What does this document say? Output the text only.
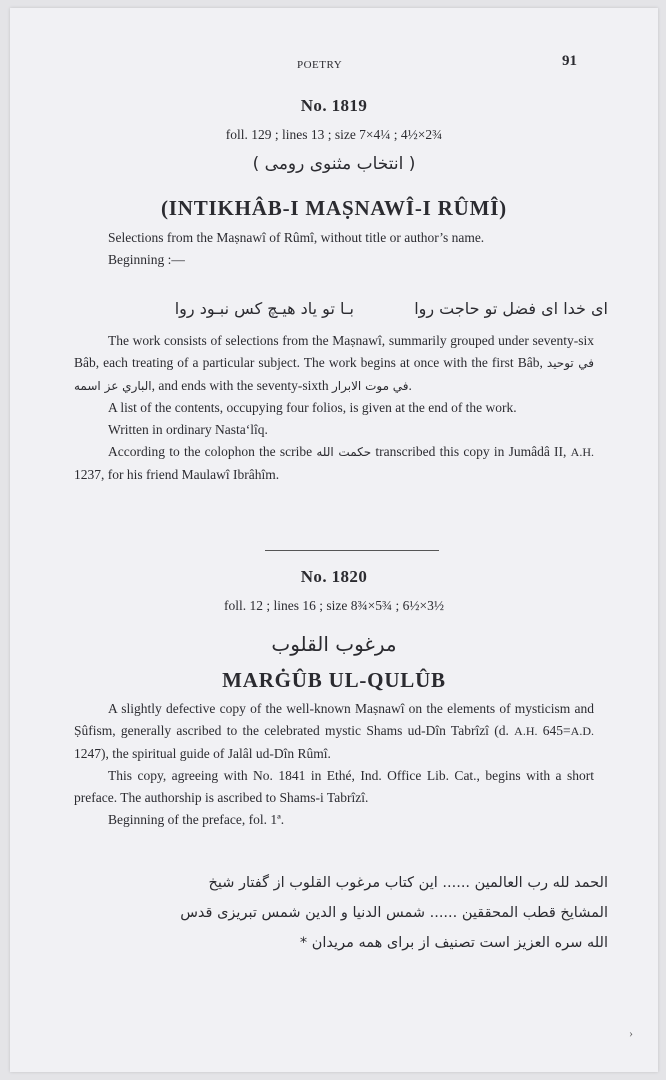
POETRY	91
No. 1819
foll. 129 ; lines 13 ; size 7×4¼ ; 4½×2¾
( انتخاب مثنوی رومی )
(INTIKHÂB-I MAṢNAWÎ-I RÛMÎ)

Selections from the Maṣnawî of Rûmî, without title or author’s name.

Beginning :—

ای خدا ای فضل تو حاجت روا
بـا تو یاد هیـچ کس نبـود روا

The work consists of selections from the Maṣnawî, summarily grouped under seventy-six Bâb, each treating of a particular subject. The work begins at once with the first Bâb, في توحيد الباري عز اسمه, and ends with the seventy-sixth في موت الابرار.

A list of the contents, occupying four folios, is given at the end of the work.

Written in ordinary Nasta‘lîq.

According to the colophon the scribe حكمت الله transcribed this copy in Jumâdâ II, A.H. 1237, for his friend Maulawî Ibrâhîm.

No. 1820
foll. 12 ; lines 16 ; size 8¾×5¾ ; 6½×3½
مرغوب القلوب
MARĠÛB UL-QULÛB

A slightly defective copy of the well-known Maṣnawî on the elements of mysticism and Ṣûfism, generally ascribed to the celebrated mystic Shams ud-Dîn Tabrîzî (d. A.H. 645=A.D. 1247), the spiritual guide of Jalâl ud-Dîn Rûmî.

This copy, agreeing with No. 1841 in Ethé, Ind. Office Lib. Cat., begins with a short preface. The authorship is ascribed to Shams-i Tabrîzî.

Beginning of the preface, fol. 1ª.

الحمد لله رب العالمين ...... این کتاب مرغوب القلوب از گفتار شیخ
المشایخ قطب المحققین ...... شمس الدنیا و الدین شمس تبریزی قدس
الله سره العزیز است تصنیف از برای همه مریدان *
›
